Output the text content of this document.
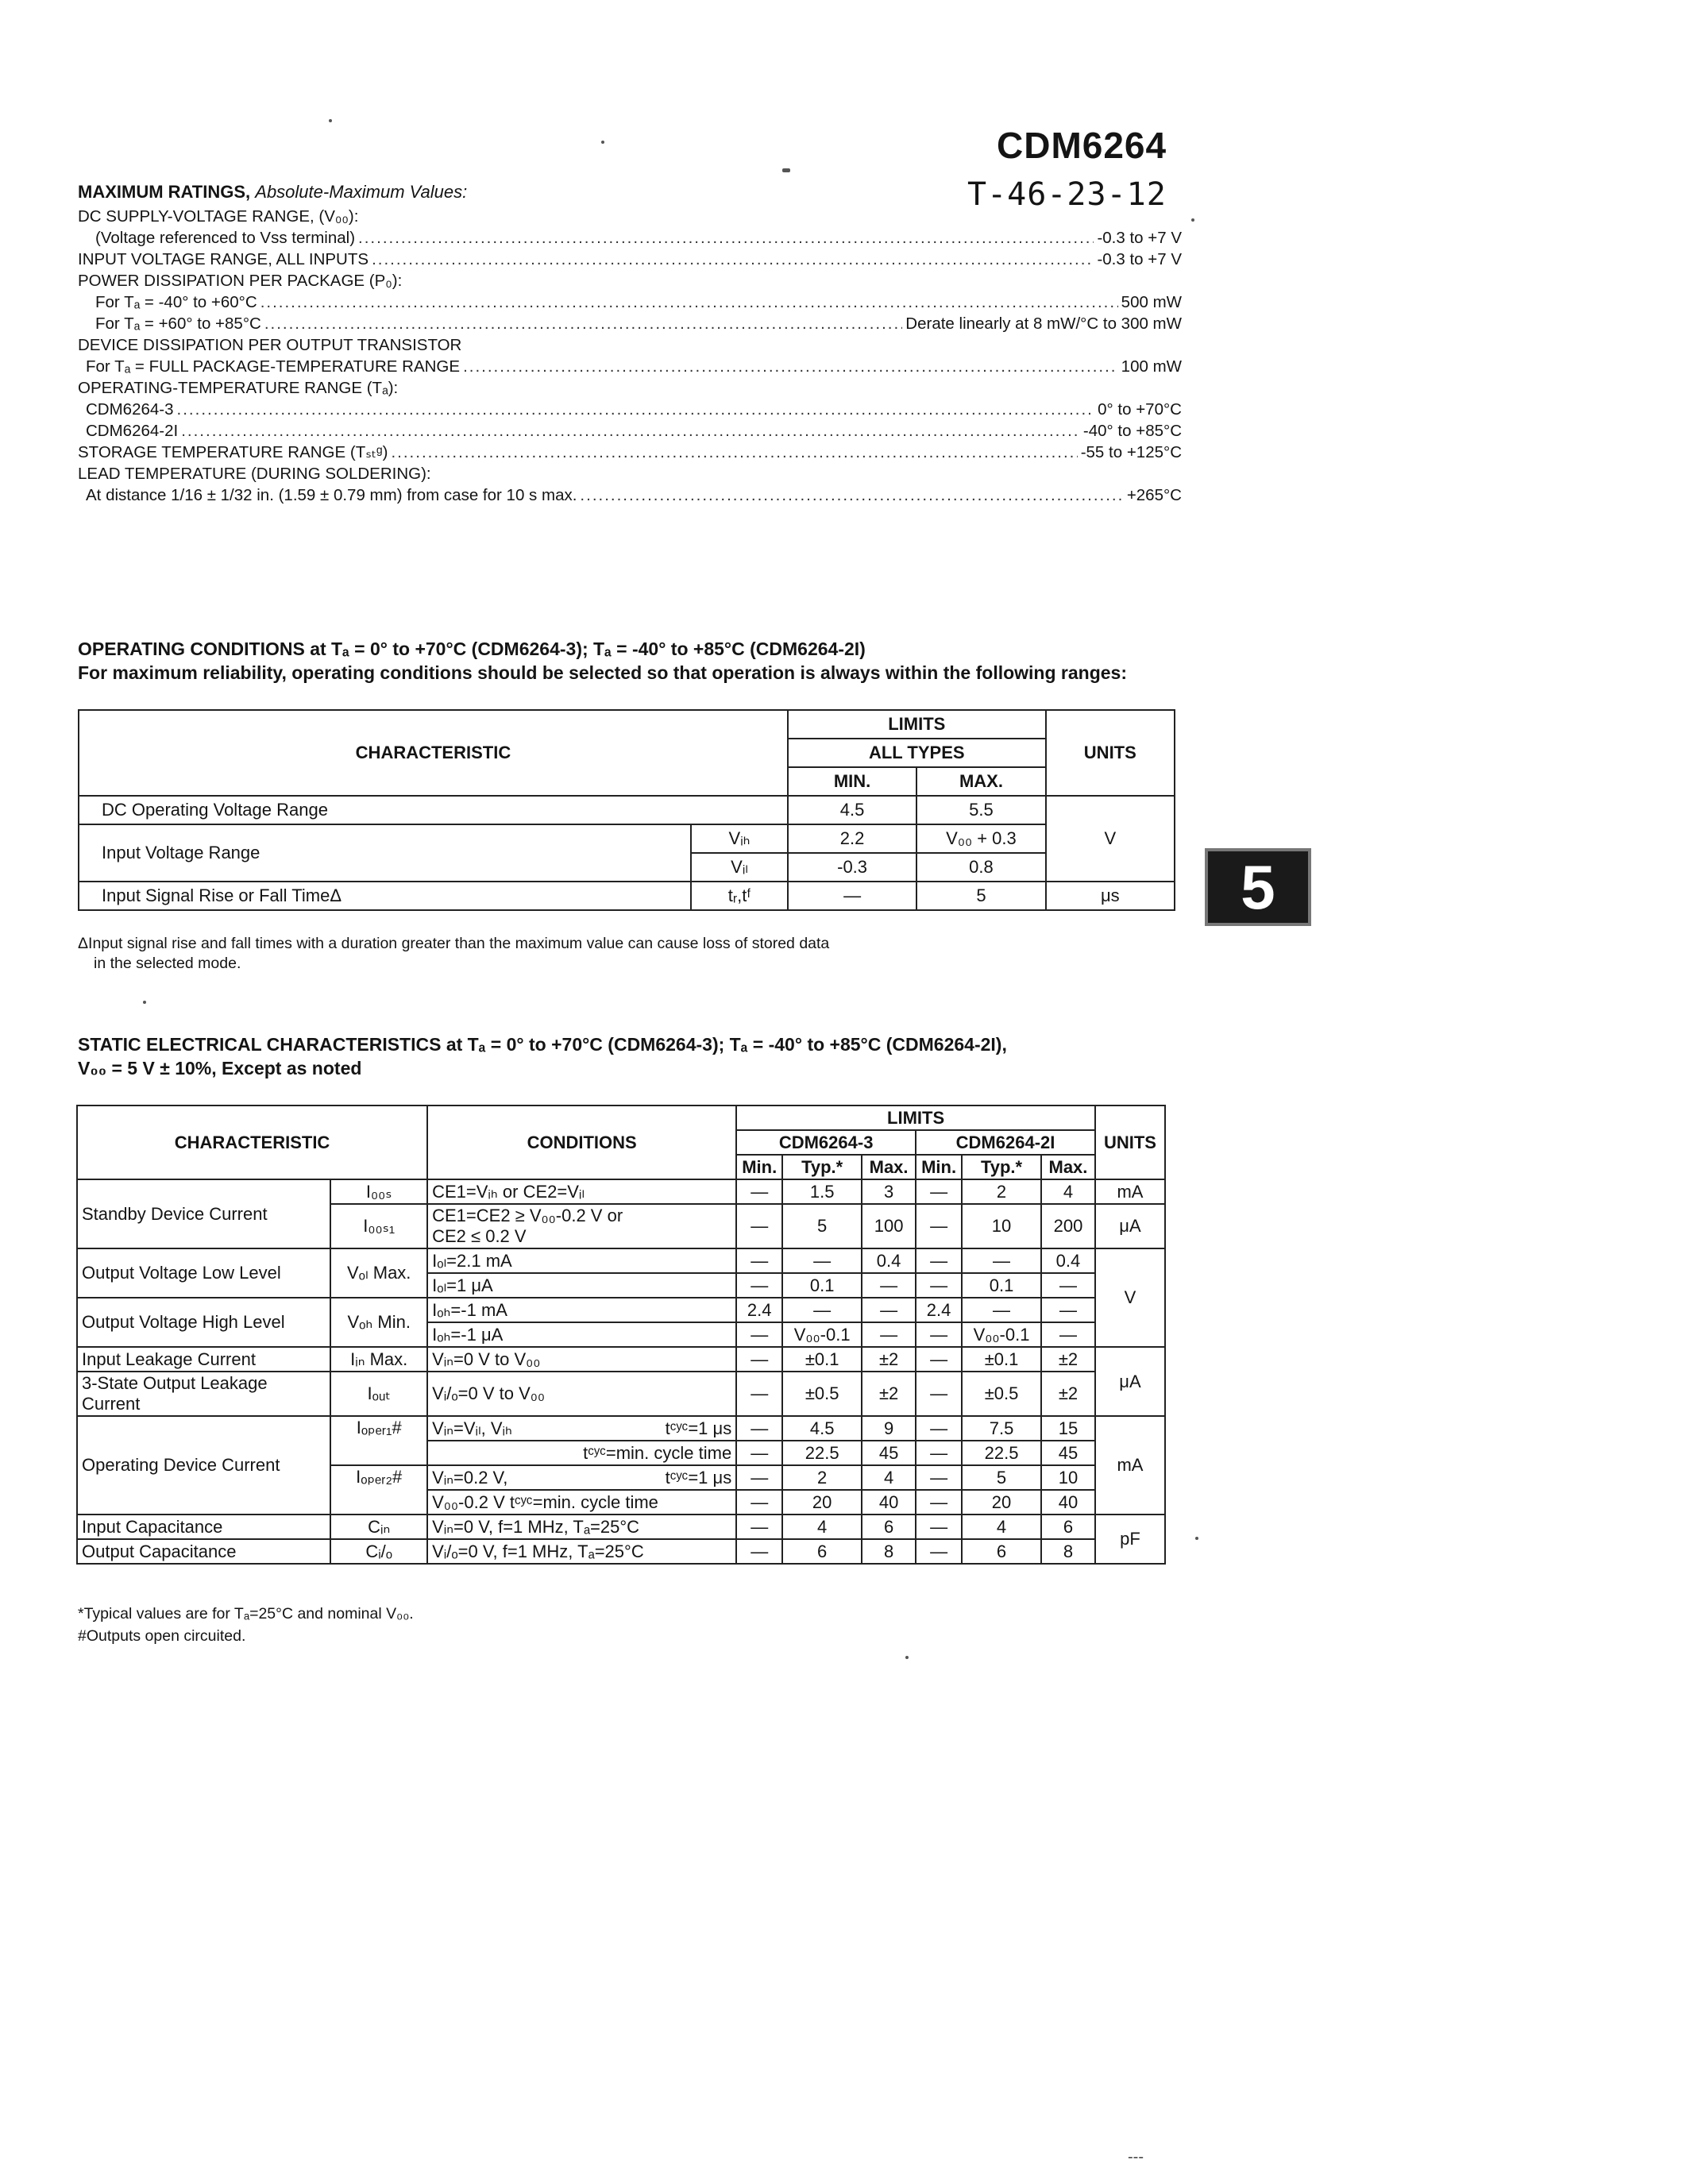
CDM6264
T-46-23-12
MAXIMUM RATINGS, Absolute-Maximum Values:
DC SUPPLY-VOLTAGE RANGE, (V₀₀):
(Voltage referenced to Vss terminal) .....	-0.3 to +7 V
INPUT VOLTAGE RANGE, ALL INPUTS .....	-0.3 to +7 V
POWER DISSIPATION PER PACKAGE (P₀):
For Tₐ = -40° to +60°C .....	500 mW
For Tₐ = +60° to +85°C .....	Derate linearly at 8 mW/°C to 300 mW
DEVICE DISSIPATION PER OUTPUT TRANSISTOR
For Tₐ = FULL PACKAGE-TEMPERATURE RANGE .....	100 mW
OPERATING-TEMPERATURE RANGE (Tₐ):
CDM6264-3 .....	0° to +70°C
CDM6264-2I .....	-40° to +85°C
STORAGE TEMPERATURE RANGE (Tₛₜᵍ) .....	-55 to +125°C
LEAD TEMPERATURE (DURING SOLDERING):
At distance 1/16 ± 1/32 in. (1.59 ± 0.79 mm) from case for 10 s max. .....	+265°C
OPERATING CONDITIONS at Tₐ = 0° to +70°C (CDM6264-3); Tₐ = -40° to +85°C (CDM6264-2I)
For maximum reliability, operating conditions should be selected so that operation is always within the following ranges:
CHARACTERISTIC		LIMITS		UNITS
		ALL TYPES		
		MIN.	MAX.	
DC Operating Voltage Range		4.5	5.5	V
Input Voltage Range	Vᵢₕ	2.2	V₀₀ + 0.3	
	Vᵢₗ	-0.3	0.8	
Input Signal Rise or Fall TimeΔ	tᵣ,tᶠ	—	5	μs
ΔInput signal rise and fall times with a duration greater than the maximum value can cause loss of stored data
in the selected mode.
5
STATIC ELECTRICAL CHARACTERISTICS at Tₐ = 0° to +70°C (CDM6264-3); Tₐ = -40° to +85°C (CDM6264-2I),
V₀₀ = 5 V ± 10%, Except as noted
CHARACTERISTIC		CONDITIONS	LIMITS						UNITS
			CDM6264-3			CDM6264-2I			
			Min.	Typ.*	Max.	Min.	Typ.*	Max.	
Standby Device Current	I₀₀ₛ	CE1=Vᵢₕ or CE2=Vᵢₗ	—	1.5	3	—	2	4	mA
	I₀₀ₛ₁	CE1=CE2 ≥ V₀₀-0.2 V or
CE2 ≤ 0.2 V	—	5	100	—	10	200	μA
Output Voltage Low Level	Vₒₗ Max.	Iₒₗ=2.1 mA	—	—	0.4	—	—	0.4	V
		Iₒₗ=1 μA	—	0.1	—	—	0.1	—	
Output Voltage High Level	Vₒₕ Min.	Iₒₕ=-1 mA	2.4	—	—	2.4	—	—	
		Iₒₕ=-1 μA	—	V₀₀-0.1	—	—	V₀₀-0.1	—	
Input Leakage Current	Iᵢₙ Max.	Vᵢₙ=0 V to V₀₀	—	±0.1	±2	—	±0.1	±2	μA
3-State Output Leakage Current	Iₒᵤₜ	Vᵢ/ₒ=0 V to V₀₀	—	±0.5	±2	—	±0.5	±2	
Operating Device Current	Iₒₚₑᵣ₁#	Vᵢₙ=Vᵢₗ, Vᵢₕ tᶜʸᶜ=1 μs	—	4.5	9	—	7.5	15	mA
		tᶜʸᶜ=min. cycle time	—	22.5	45	—	22.5	45	
	Iₒₚₑᵣ₂#	Vᵢₙ=0.2 V, tᶜʸᶜ=1 μs	—	2	4	—	5	10	
		V₀₀-0.2 V tᶜʸᶜ=min. cycle time	—	20	40	—	20	40	
Input Capacitance	Cᵢₙ	Vᵢₙ=0 V, f=1 MHz, Tₐ=25°C	—	4	6	—	4	6	pF
Output Capacitance	Cᵢ/ₒ	Vᵢ/ₒ=0 V, f=1 MHz, Tₐ=25°C	—	6	8	—	6	8	
*Typical values are for Tₐ=25°C and nominal V₀₀.
#Outputs open circuited.
---
